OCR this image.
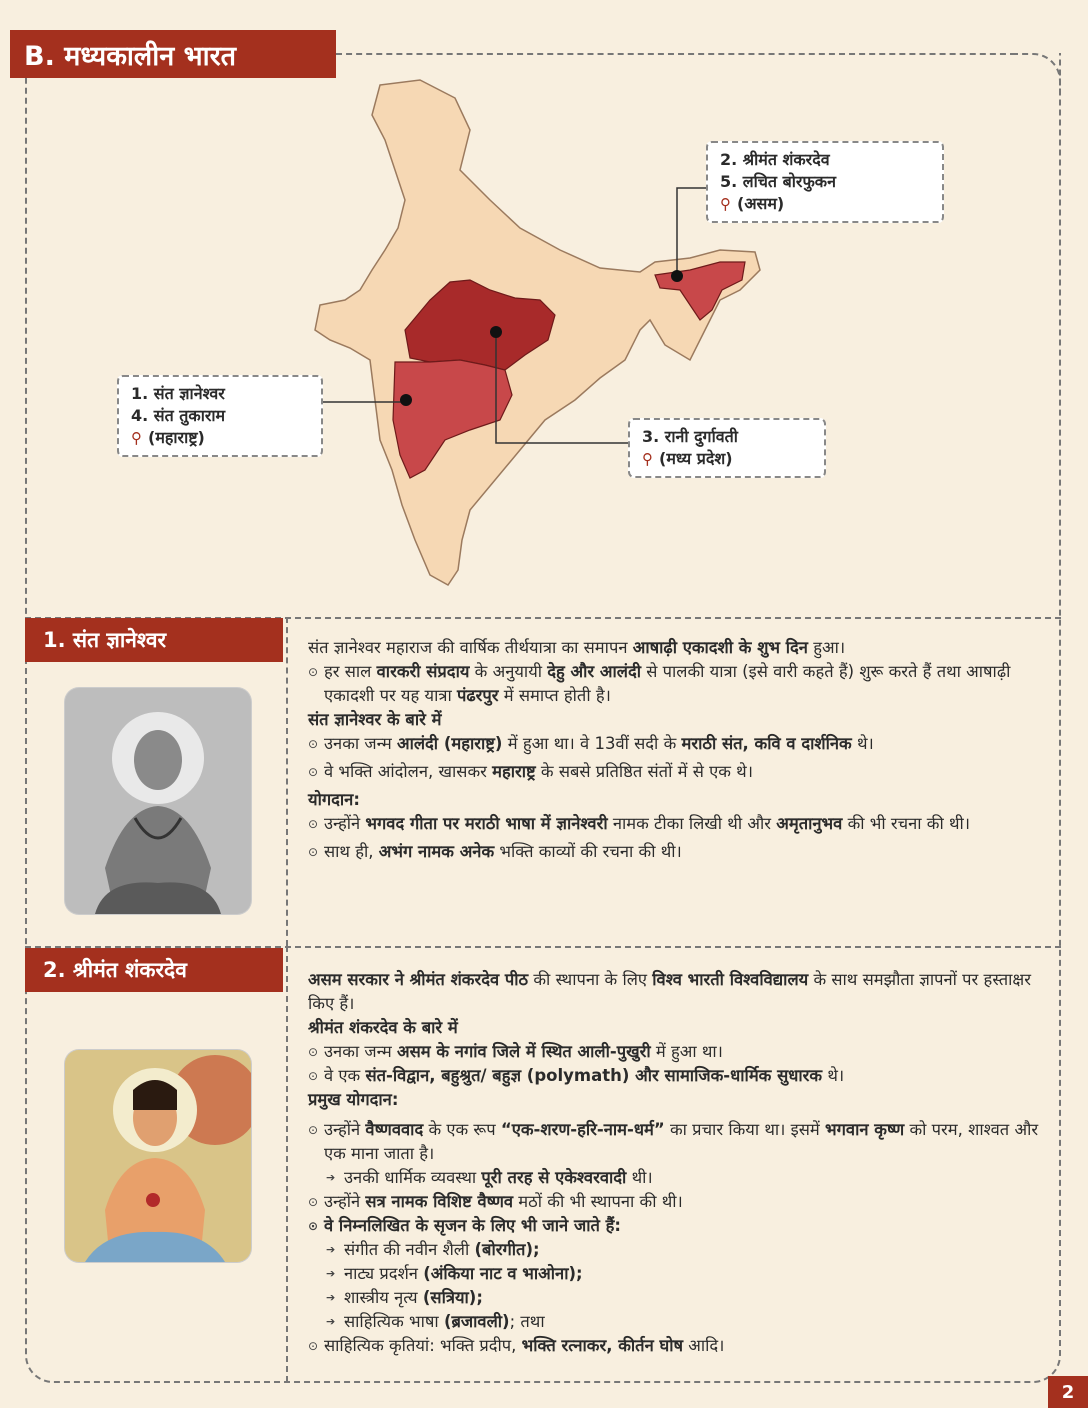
B. मध्यकालीन भारत
2. श्रीमंत शंकरदेव
5. लचित बोरफुकन
⚲ (असम)
1. संत ज्ञानेश्वर
4. संत तुकाराम
⚲ (महाराष्ट्र)	3. रानी दुर्गावती
⚲ (मध्य प्रदेश)
1. संत ज्ञानेश्वर	संत ज्ञानेश्वर महाराज की वार्षिक तीर्थयात्रा का समापन आषाढ़ी एकादशी के शुभ दिन हुआ।

⊙ हर साल वारकरी संप्रदाय के अनुयायी देहु और आलंदी से पालकी यात्रा (इसे वारी कहते हैं) शुरू करते हैं तथा आषाढ़ी एकादशी पर यह यात्रा पंढरपुर में समाप्त होती है।

संत ज्ञानेश्वर के बारे में

⊙ उनका जन्म आलंदी (महाराष्ट्र) में हुआ था। वे 13वीं सदी के मराठी संत, कवि व दार्शनिक थे।
⊙ वे भक्ति आंदोलन, खासकर महाराष्ट्र के सबसे प्रतिष्ठित संतों में से एक थे।

योगदान:

⊙ उन्होंने भगवद गीता पर मराठी भाषा में ज्ञानेश्वरी नामक टीका लिखी थी और अमृतानुभव की भी रचना की थी।
⊙ साथ ही, अभंग नामक अनेक भक्ति काव्यों की रचना की थी।
2. श्रीमंत शंकरदेव	असम सरकार ने श्रीमंत शंकरदेव पीठ की स्थापना के लिए विश्व भारती विश्वविद्यालय के साथ समझौता ज्ञापनों पर हस्ताक्षर किए हैं।

श्रीमंत शंकरदेव के बारे में

⊙ उनका जन्म असम के नगांव जिले में स्थित आली-पुखुरी में हुआ था।
⊙ वे एक संत-विद्वान, बहुश्रुत/ बहुज्ञ (polymath) और सामाजिक-धार्मिक सुधारक थे।

प्रमुख योगदान:

⊙ उन्होंने वैष्णववाद के एक रूप “एक-शरण-हरि-नाम-धर्म” का प्रचार किया था। इसमें भगवान कृष्ण को परम, शाश्वत और एक माना जाता है।
➔ उनकी धार्मिक व्यवस्था पूरी तरह से एकेश्वरवादी थी।
⊙ उन्होंने सत्र नामक विशिष्ट वैष्णव मठों की भी स्थापना की थी।
⊙ वे निम्नलिखित के सृजन के लिए भी जाने जाते हैं:
➔ संगीत की नवीन शैली (बोरगीत);
➔ नाट्य प्रदर्शन (अंकिया नाट व भाओना);
➔ शास्त्रीय नृत्य (सत्रिया);
➔ साहित्यिक भाषा (ब्रजावली); तथा
⊙ साहित्यिक कृतियां: भक्ति प्रदीप, भक्ति रत्नाकर, कीर्तन घोष आदि।
2
